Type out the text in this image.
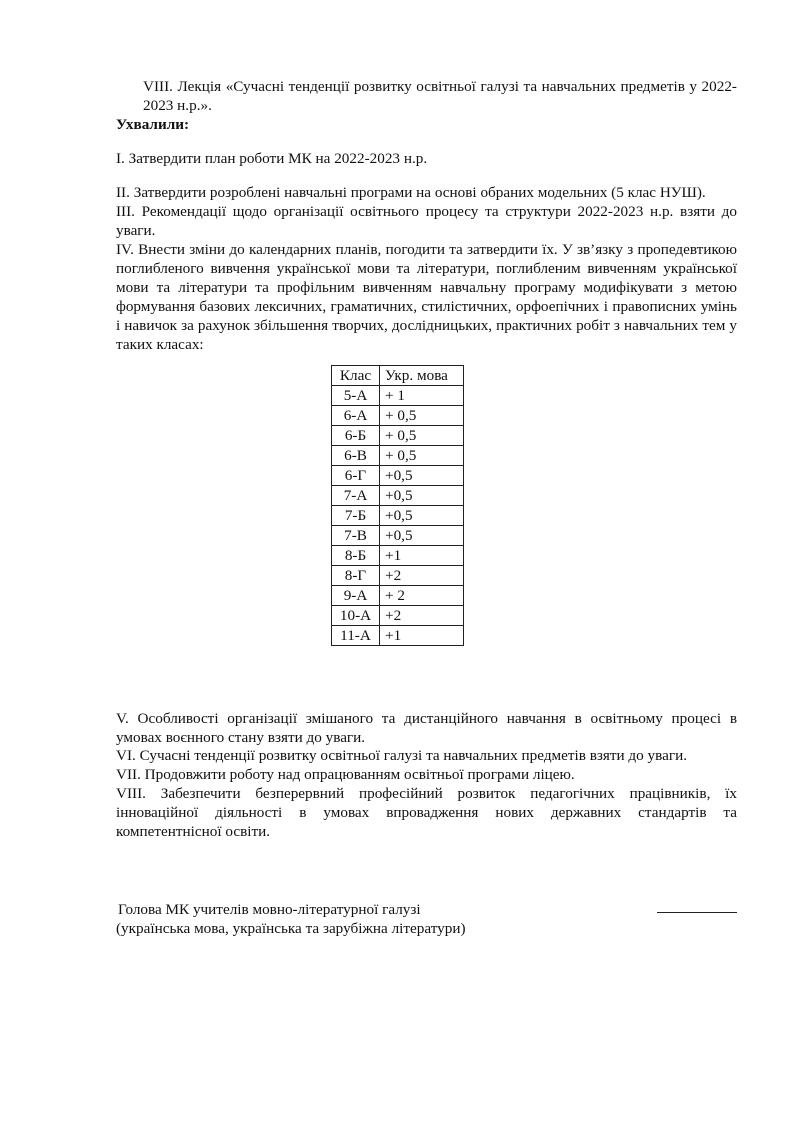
VIII. Лекція «Сучасні тенденції розвитку освітньої галузі та навчальних предметів у 2022-2023 н.р.».

Ухвалили:

I. Затвердити план роботи МК на 2022-2023 н.р.

II. Затвердити розроблені навчальні програми на основі обраних модельних (5 клас НУШ).

III. Рекомендації щодо організації освітнього процесу та структури 2022-2023 н.р. взяти до уваги.

IV. Внести зміни до календарних планів, погодити та затвердити їх. У зв’язку з пропедевтикою поглибленого вивчення української мови та літератури, поглибленим вивченням української мови та літератури та профільним вивченням навчальну програму модифікувати з метою формування базових лексичних, граматичних, стилістичних, орфоепічних і правописних умінь і навичок за рахунок збільшення творчих, дослідницьких, практичних робіт з навчальних тем у таких класах:

Клас	Укр. мова
5-А	+ 1
6-А	+ 0,5
6-Б	+ 0,5
6-В	+ 0,5
6-Г	+0,5
7-А	+0,5
7-Б	+0,5
7-В	+0,5
8-Б	+1
8-Г	+2
9-А	+ 2
10-А	+2
11-А	+1

V. Особливості організації змішаного та дистанційного навчання в освітньому процесі в умовах воєнного стану взяти до уваги.

VI. Сучасні тенденції розвитку освітньої галузі та навчальних предметів взяти до уваги.

VII. Продовжити роботу над опрацюванням освітньої програми ліцею.

VIII. Забезпечити безперервний професійний розвиток педагогічних працівників, їх інноваційної діяльності в умовах впровадження нових державних стандартів та компетентнісної освіти.

Голова МК учителів мовно-літературної галузі

(українська мова, українська та зарубіжна літератури)
